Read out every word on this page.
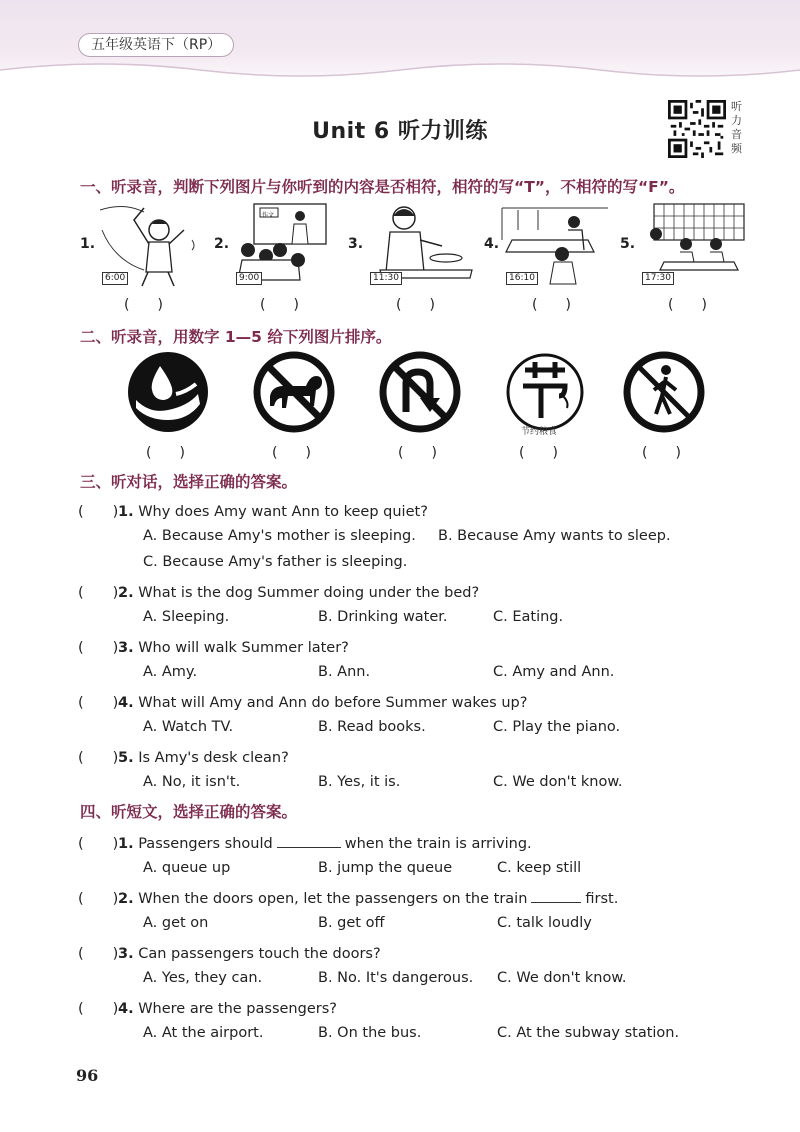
五年级英语下（RP）
Unit 6 听力训练
听力音频
一、听录音，判断下列图片与你听到的内容是否相符，相符的写“T”，不相符的写“F”。
1.
6:00
2.
作文
9:00
3.
11:30
4.
16:10
5.
17:30
(　　)	(　　)	(　　)	(　　)	(　　)
二、听录音，用数字 1—5 给下列图片排序。
节约粮食
(　　)	(　　)	(　　)	(　　)	(　　)
三、听对话，选择正确的答案。
(　　)1. Why does Amy want Ann to keep quiet?
A. Because Amy's mother is sleeping. B. Because Amy wants to sleep.
C. Because Amy's father is sleeping.
(　　)2. What is the dog Summer doing under the bed?
A. Sleeping.	B. Drinking water.	C. Eating.
(　　)3. Who will walk Summer later?
A. Amy.	B. Ann.	C. Amy and Ann.
(　　)4. What will Amy and Ann do before Summer wakes up?
A. Watch TV.	B. Read books.	C. Play the piano.
(　　)5. Is Amy's desk clean?
A. No, it isn't.	B. Yes, it is.	C. We don't know.
四、听短文，选择正确的答案。
(　　)1. Passengers should	when the train is arriving.
A. queue up	B. jump the queue	C. keep still
(　　)2. When the doors open, let the passengers on the train	first.
A. get on	B. get off	C. talk loudly
(　　)3. Can passengers touch the doors?
A. Yes, they can.	B. No. It's dangerous. C. We don't know.
(　　)4. Where are the passengers?
A. At the airport.	B. On the bus.	C. At the subway station.
96
